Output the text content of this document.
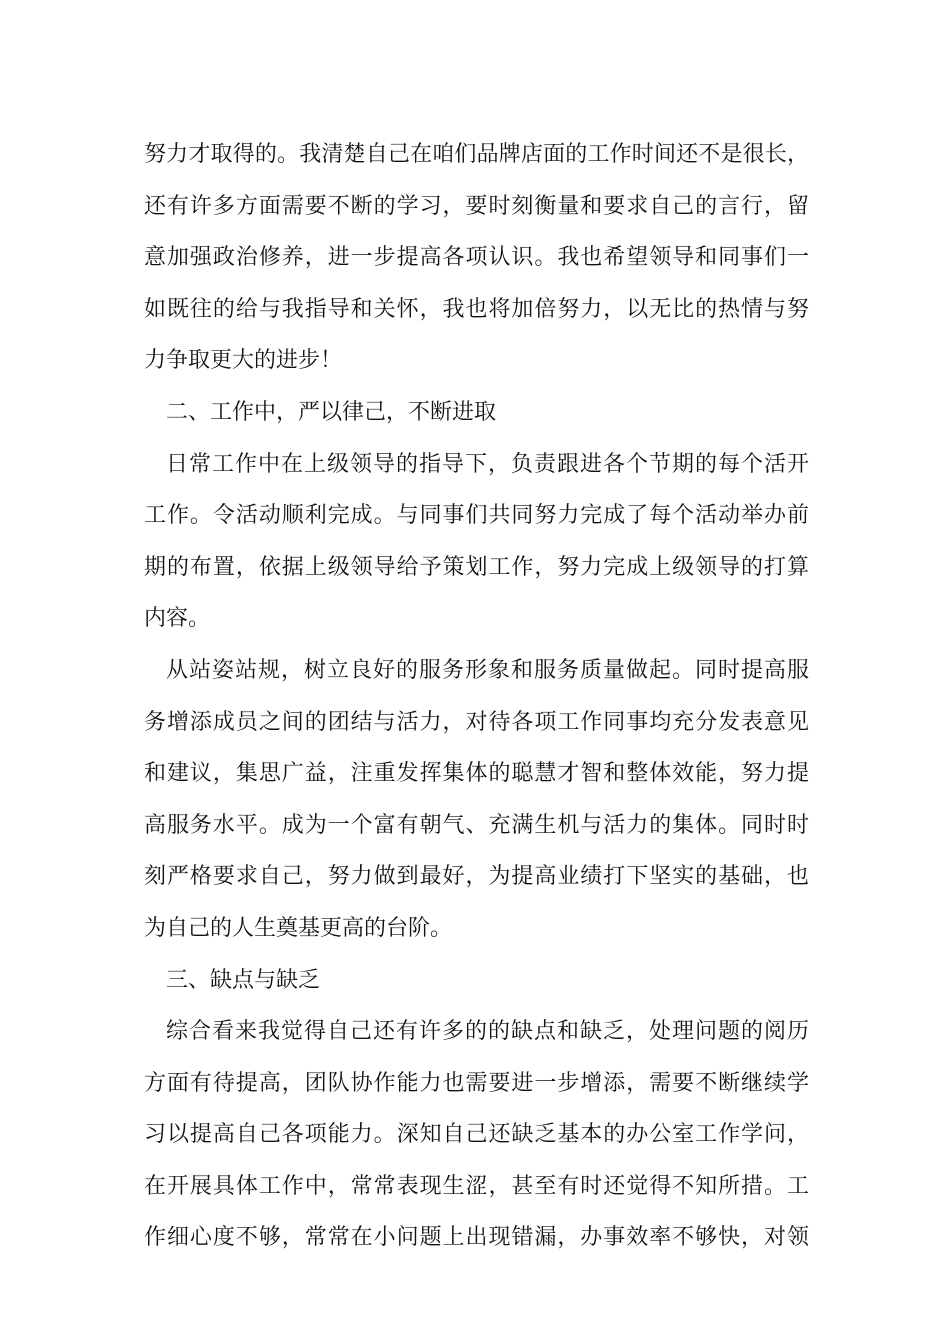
努力才取得的。我清楚自己在咱们品牌店面的工作时间还不是很长，
还有许多方面需要不断的学习，要时刻衡量和要求自己的言行，留
意加强政治修养，进一步提高各项认识。我也希望领导和同事们一
如既往的给与我指导和关怀，我也将加倍努力，以无比的热情与努
力争取更大的进步！
二、工作中，严以律己，不断进取
日常工作中在上级领导的指导下，负责跟进各个节期的每个活开
工作。令活动顺利完成。与同事们共同努力完成了每个活动举办前
期的布置，依据上级领导给予策划工作，努力完成上级领导的打算
内容。
从站姿站规，树立良好的服务形象和服务质量做起。同时提高服
务增添成员之间的团结与活力，对待各项工作同事均充分发表意见
和建议，集思广益，注重发挥集体的聪慧才智和整体效能，努力提
高服务水平。成为一个富有朝气、充满生机与活力的集体。同时时
刻严格要求自己，努力做到最好，为提高业绩打下坚实的基础，也
为自己的人生奠基更高的台阶。
三、缺点与缺乏
综合看来我觉得自己还有许多的的缺点和缺乏，处理问题的阅历
方面有待提高，团队协作能力也需要进一步增添，需要不断继续学
习以提高自己各项能力。深知自己还缺乏基本的办公室工作学问，
在开展具体工作中，常常表现生涩，甚至有时还觉得不知所措。工
作细心度不够，常常在小问题上出现错漏，办事效率不够快，对领
